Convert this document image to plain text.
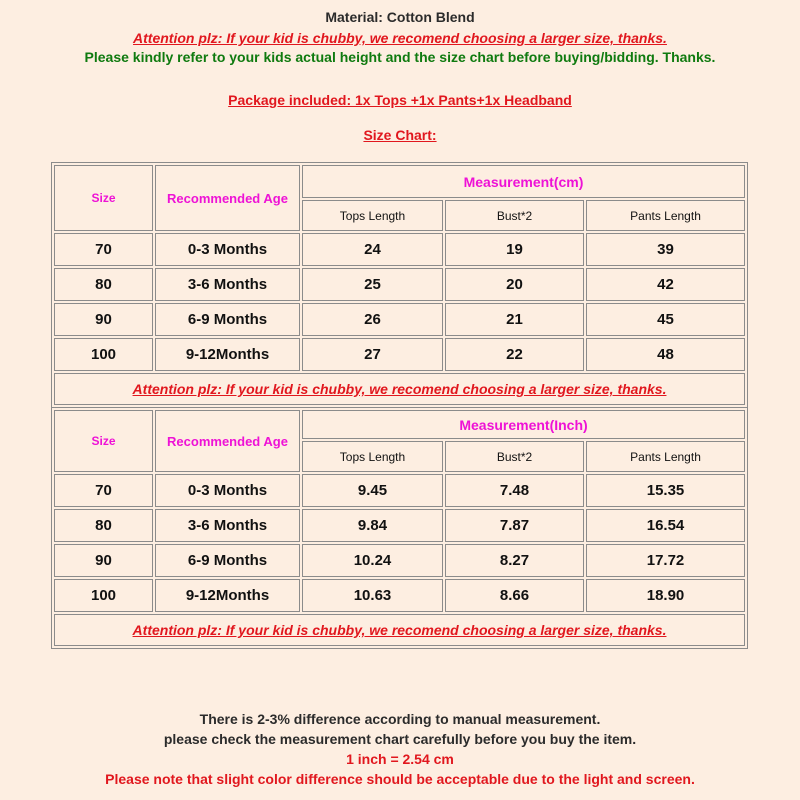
Material: Cotton Blend
Attention plz: If your kid is chubby, we recomend choosing a larger size, thanks.
Please kindly refer to your kids actual height and the size chart before buying/bidding. Thanks.
Package included: 1x Tops +1x Pants+1x Headband
Size Chart:
Size	Recommended Age	Measurement(cm)		
		Tops Length	Bust*2	Pants Length
70	0-3 Months	24	19	39
80	3-6 Months	25	20	42
90	6-9 Months	26	21	45
100	9-12Months	27	22	48
Attention plz: If your kid is chubby, we recomend choosing a larger size, thanks.				
Size	Recommended Age	Measurement(Inch)		
		Tops Length	Bust*2	Pants Length
70	0-3 Months	9.45	7.48	15.35
80	3-6 Months	9.84	7.87	16.54
90	6-9 Months	10.24	8.27	17.72
100	9-12Months	10.63	8.66	18.90
Attention plz: If your kid is chubby, we recomend choosing a larger size, thanks.				
There is 2-3% difference according to manual measurement.
please check the measurement chart carefully before you buy the item.
1 inch = 2.54 cm
Please note that slight color difference should be acceptable due to the light and screen.
